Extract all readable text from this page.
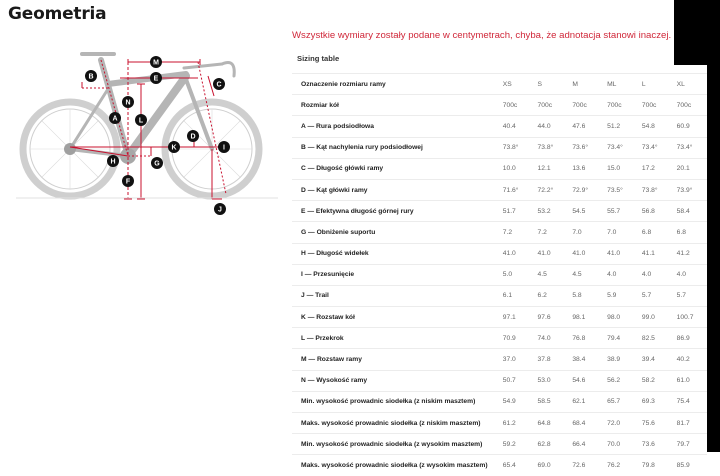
Geometria
M
E
B
C
N
L
A
D
K	I
H	G
F
J

Wszystkie wymiary zostały podane w centymetrach, chyba, że adnotacja stanowi inaczej.

Sizing table
Oznaczenie rozmiaru ramy	XS	S	M	ML	L	XL
Rozmiar kół	700c	700c	700c	700c	700c	700c
A — Rura podsiodłowa	40.4	44.0	47.6	51.2	54.8	60.9
B — Kąt nachylenia rury podsiodłowej	73.8°	73.8°	73.6°	73.4°	73.4°	73.4°
C — Długość główki ramy	10.0	12.1	13.6	15.0	17.2	20.1
D — Kąt główki ramy	71.6°	72.2°	72.9°	73.5°	73.8°	73.9°
E — Efektywna długość górnej rury	51.7	53.2	54.5	55.7	56.8	58.4
G — Obniżenie suportu	7.2	7.2	7.0	7.0	6.8	6.8
H — Długość widełek	41.0	41.0	41.0	41.0	41.1	41.2
I — Przesunięcie	5.0	4.5	4.5	4.0	4.0	4.0
J — Trail	6.1	6.2	5.8	5.9	5.7	5.7
K — Rozstaw kół	97.1	97.6	98.1	98.0	99.0	100.7
L — Przekrok	70.9	74.0	76.8	79.4	82.5	86.9
M — Rozstaw ramy	37.0	37.8	38.4	38.9	39.4	40.2
N — Wysokość ramy	50.7	53.0	54.6	56.2	58.2	61.0
Min. wysokość prowadnic siodełka (z niskim masztem)	54.9	58.5	62.1	65.7	69.3	75.4
Maks. wysokość prowadnic siodełka (z niskim masztem)	61.2	64.8	68.4	72.0	75.6	81.7
Min. wysokość prowadnic siodełka (z wysokim masztem)	59.2	62.8	66.4	70.0	73.6	79.7
Maks. wysokość prowadnic siodełka (z wysokim masztem)	65.4	69.0	72.6	76.2	79.8	85.9
